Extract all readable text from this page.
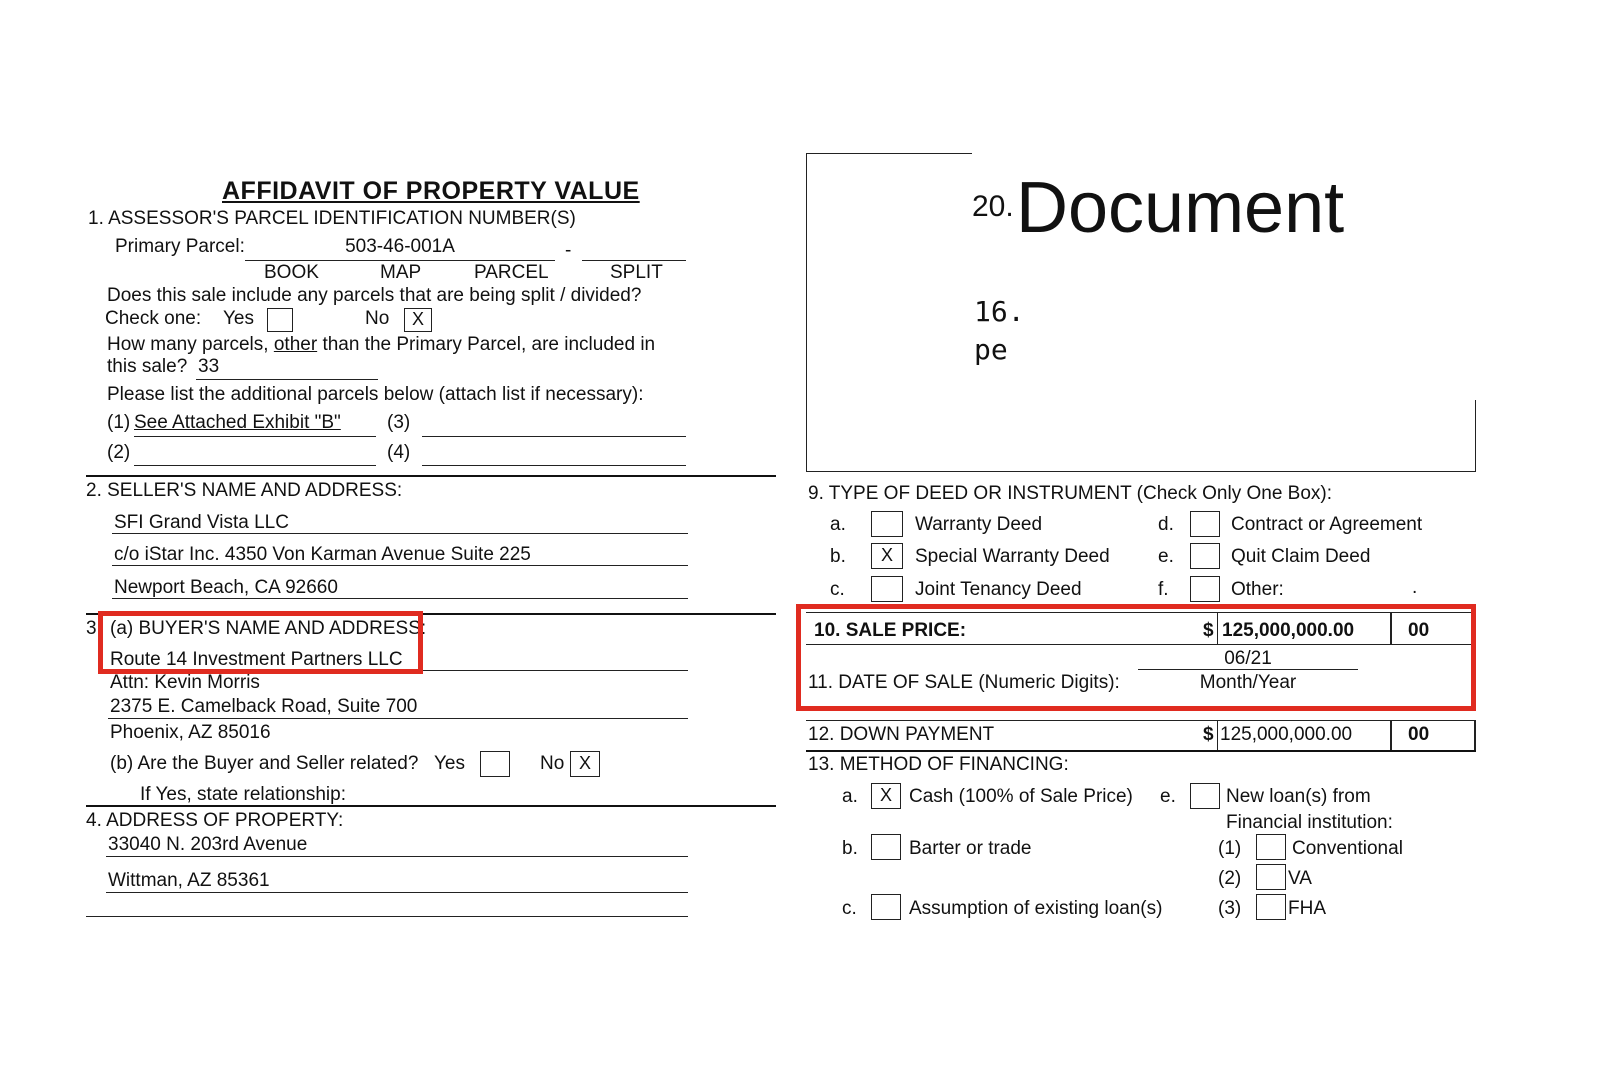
AFFIDAVIT OF PROPERTY VALUE
1. ASSESSOR'S PARCEL IDENTIFICATION NUMBER(S)
Primary Parcel:	503-46-001A	-
BOOK	MAP	PARCEL	SPLIT
Does this sale include any parcels that are being split / divided?
Check one: Yes	No	X
How many parcels, other than the Primary Parcel, are included in
this sale? 33
Please list the additional parcels below (attach list if necessary):
(1) See Attached Exhibit "B" (3)
(2)	(4)
2. SELLER'S NAME AND ADDRESS:
SFI Grand Vista LLC
c/o iStar Inc. 4350 Von Karman Avenue Suite 225
Newport Beach, CA 92660
3. (a) BUYER'S NAME AND ADDRESS:
Route 14 Investment Partners LLC
Attn: Kevin Morris
2375 E. Camelback Road, Suite 700
Phoenix, AZ 85016
(b) Are the Buyer and Seller related? Yes	No X
If Yes, state relationship:
4. ADDRESS OF PROPERTY:
33040 N. 203rd Avenue
Wittman, AZ 85361
20. Document
16.
pe
9. TYPE OF DEED OR INSTRUMENT (Check Only One Box):
a.	Warranty Deed
b.	X	Special Warranty Deed
c.	Joint Tenancy Deed
d.	Contract or Agreement
e.	Quit Claim Deed
f.	Other:	.
10. SALE PRICE:	$ 125,000,000.00	00
06/21
11. DATE OF SALE (Numeric Digits):	Month/Year
12. DOWN PAYMENT	$ 125,000,000.00	00
13. METHOD OF FINANCING:
a.	X Cash (100% of Sale Price)
b.	Barter or trade
c.	Assumption of existing loan(s)
e.	New loan(s) from
Financial institution:
(1)	Conventional
(2) VA
(3) FHA
